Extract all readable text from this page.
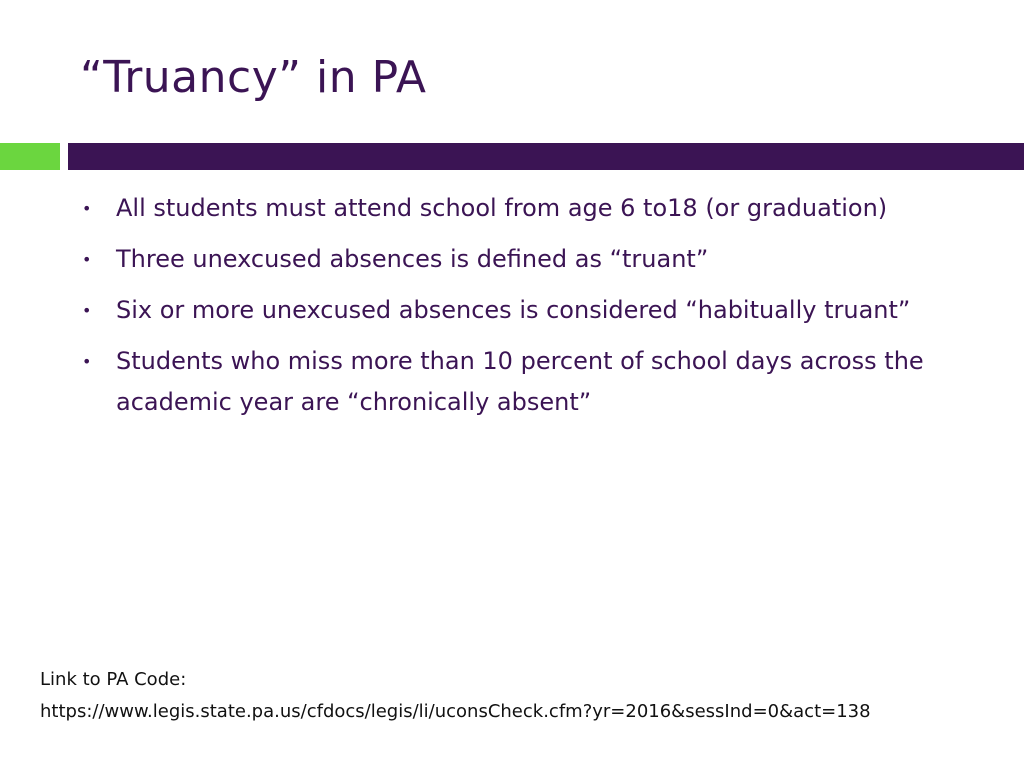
“Truancy” in PA
• All students must attend school from age 6 to18 (or graduation)
• Three unexcused absences is defined as “truant”
• Six or more unexcused absences is considered “habitually truant”
• Students who miss more than 10 percent of school days across the academic year are “chronically absent”
Link to PA Code:
https://www.legis.state.pa.us/cfdocs/legis/li/uconsCheck.cfm?yr=2016&sessInd=0&act=138
